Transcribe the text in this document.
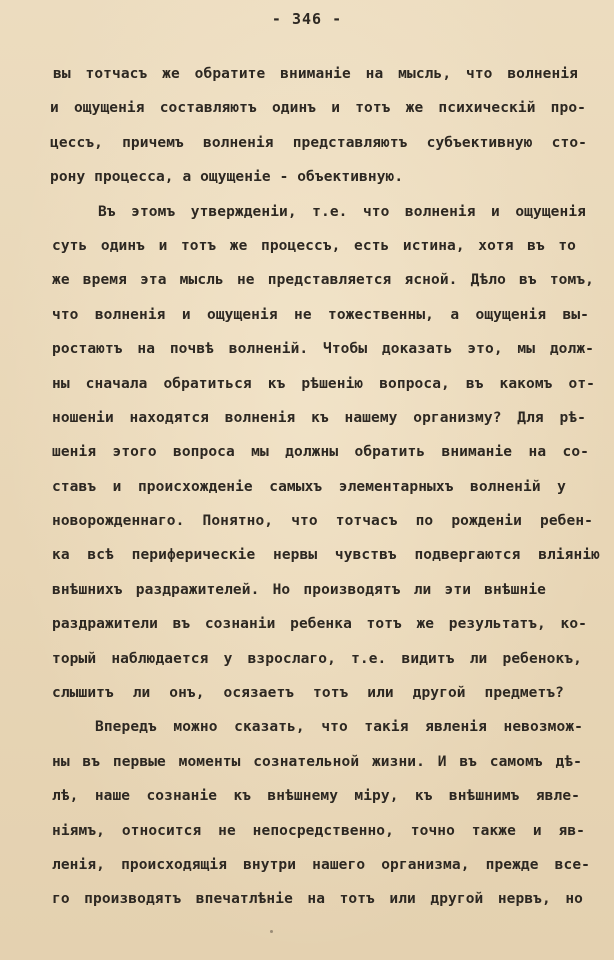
- 346 -
вы тотчасъ же обратите вниманіе на мысль, что волненія
и ощущенія составляютъ одинъ и тотъ же психическій про-
цессъ, причемъ волненія представляютъ субъективную сто-
рону процесса, а ощущеніе - объективную.
Въ этомъ утвержденіи, т.е. что волненія и ощущенія
суть одинъ и тотъ же процессъ, есть истина, хотя въ то
же время эта мысль не представляется ясной. Дѣло въ томъ,
что волненія и ощущенія не тожественны, а ощущенія вы-
ростаютъ на почвѣ волненій. Чтобы доказать это, мы долж-
ны сначала обратиться къ рѣшенію вопроса, въ какомъ от-
ношеніи находятся волненія къ нашему организму? Для рѣ-
шенія этого вопроса мы должны обратить вниманіе на со-
ставъ и происхожденіе самыхъ элементарныхъ волненій у
новорожденнаго. Понятно, что тотчасъ по рожденіи ребен-
ка всѣ периферическіе нервы чувствъ подвергаются вліянію
внѣшнихъ раздражителей. Но производятъ ли эти внѣшніе
раздражители въ сознаніи ребенка тотъ же результатъ, ко-
торый наблюдается у взрослаго, т.е. видитъ ли ребенокъ,
слышитъ ли онъ, осязаетъ тотъ или другой предметъ?
Впередъ можно сказать, что такія явленія невозмож-
ны въ первые моменты сознательной жизни. И въ самомъ дѣ-
лѣ, наше сознаніе къ внѣшнему міру, къ внѣшнимъ явле-
ніямъ, относится не непосредственно, точно также и яв-
ленія, происходящія внутри нашего организма, прежде все-
го производятъ впечатлѣніе на тотъ или другой нервъ, но
